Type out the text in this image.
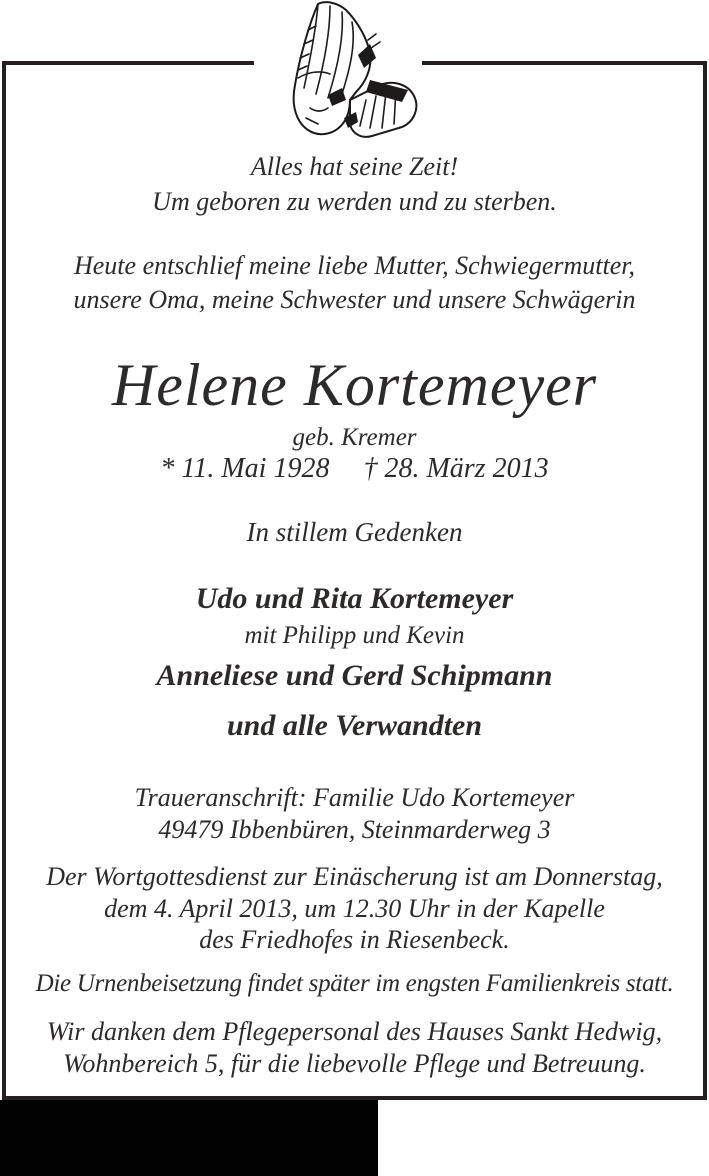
Alles hat seine Zeit!
Um geboren zu werden und zu sterben.
Heute entschlief meine liebe Mutter, Schwiegermutter,
unsere Oma, meine Schwester und unsere Schwägerin
Helene Kortemeyer
geb. Kremer
* 11. Mai 1928 † 28. März 2013
In stillem Gedenken
Udo und Rita Kortemeyer
mit Philipp und Kevin
Anneliese und Gerd Schipmann
und alle Verwandten
Traueranschrift: Familie Udo Kortemeyer
49479 Ibbenbüren, Steinmarderweg 3
Der Wortgottesdienst zur Einäscherung ist am Donnerstag,
dem 4. April 2013, um 12.30 Uhr in der Kapelle
des Friedhofes in Riesenbeck.
Die Urnenbeisetzung findet später im engsten Familienkreis statt.
Wir danken dem Pflegepersonal des Hauses Sankt Hedwig,
Wohnbereich 5, für die liebevolle Pflege und Betreuung.
